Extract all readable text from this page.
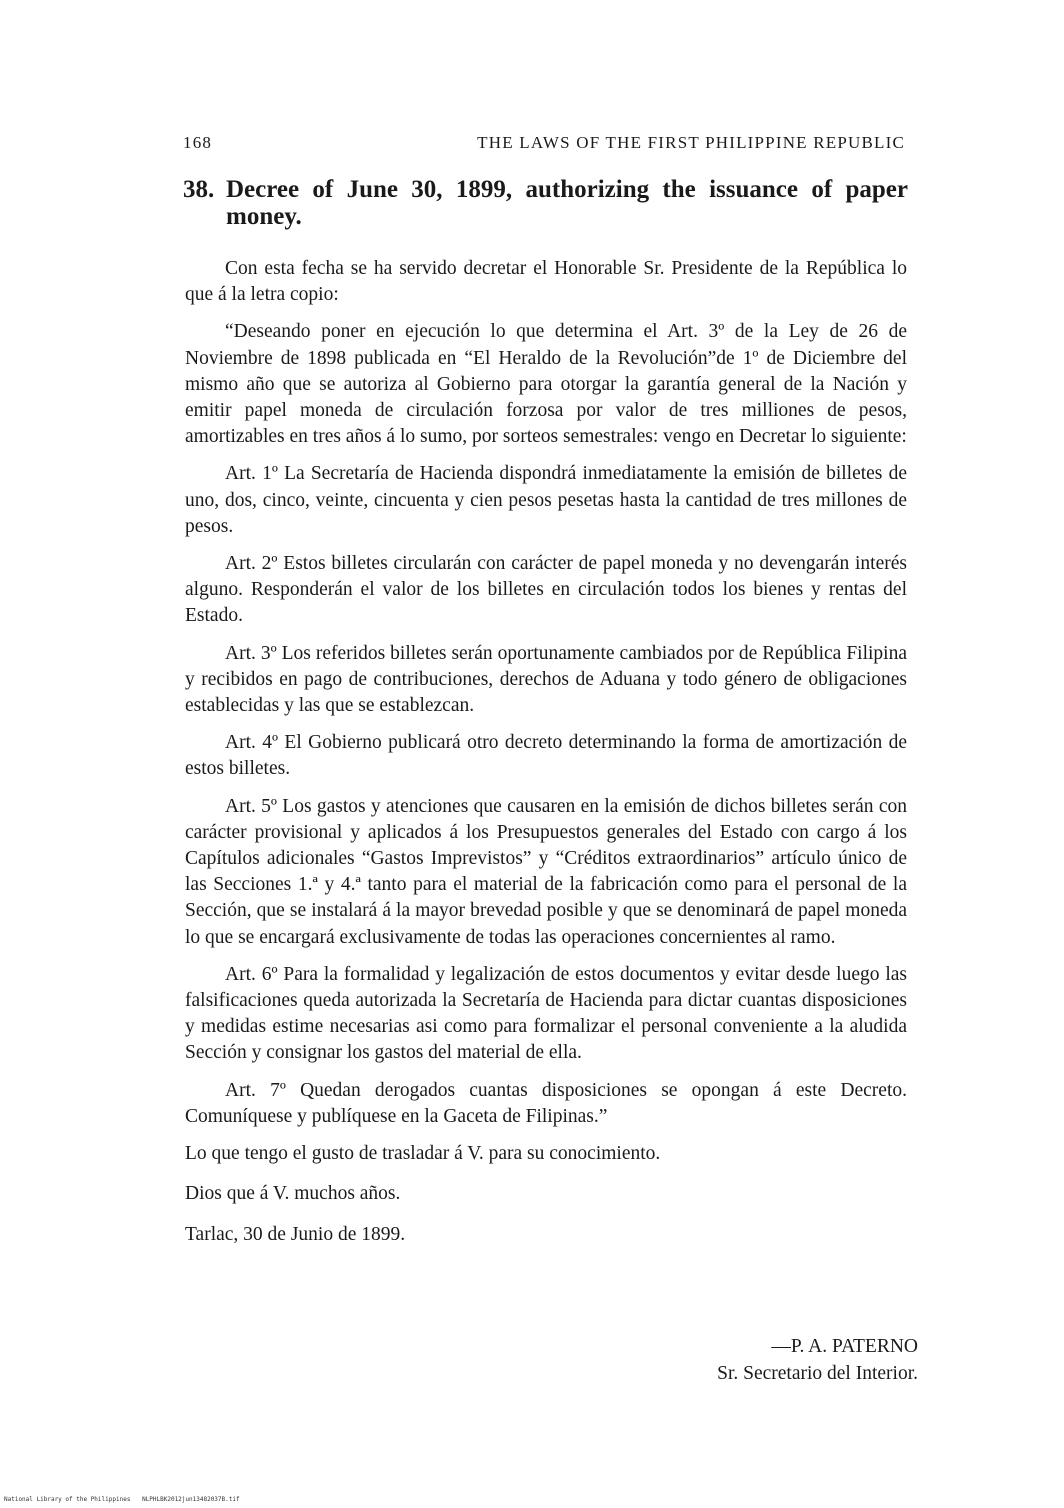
168	THE LAWS OF THE FIRST PHILIPPINE REPUBLIC
38. Decree of June 30, 1899, authorizing the issuance of paper money.

Con esta fecha se ha servido decretar el Honorable Sr. Presidente de la República lo que á la letra copio:

“Deseando poner en ejecución lo que determina el Art. 3º de la Ley de 26 de Noviembre de 1898 publicada en “El Heraldo de la Revolución”de 1º de Diciembre del mismo año que se autoriza al Gobierno para otorgar la garantía general de la Nación y emitir papel moneda de circulación forzosa por valor de tres milliones de pesos, amortizables en tres años á lo sumo, por sorteos semestrales: vengo en Decretar lo siguiente:

Art. 1º La Secretaría de Hacienda dispondrá inmediatamente la emisión de billetes de uno, dos, cinco, veinte, cincuenta y cien pesos pesetas hasta la cantidad de tres millones de pesos.

Art. 2º Estos billetes circularán con carácter de papel moneda y no devengarán interés alguno. Responderán el valor de los billetes en circulación todos los bienes y rentas del Estado.

Art. 3º Los referidos billetes serán oportunamente cambiados por de República Filipina y recibidos en pago de contribuciones, derechos de Aduana y todo género de obligaciones establecidas y las que se establezcan.

Art. 4º El Gobierno publicará otro decreto determinando la forma de amortización de estos billetes.

Art. 5º Los gastos y atenciones que causaren en la emisión de dichos billetes serán con carácter provisional y aplicados á los Presupuestos generales del Estado con cargo á los Capítulos adicionales “Gastos Imprevistos” y “Créditos extraordinarios” artículo único de las Secciones 1.ª y 4.ª tanto para el material de la fabricación como para el personal de la Sección, que se instalará á la mayor brevedad posible y que se denominará de papel moneda lo que se encargará exclusivamente de todas las operaciones concernientes al ramo.

Art. 6º Para la formalidad y legalización de estos documentos y evitar desde luego las falsificaciones queda autorizada la Secretaría de Hacienda para dictar cuantas disposiciones y medidas estime necesarias asi como para formalizar el personal conveniente a la aludida Sección y consignar los gastos del material de ella.

Art. 7º Quedan derogados cuantas disposiciones se opongan á este Decreto. Comuníquese y publíquese en la Gaceta de Filipinas.”

Lo que tengo el gusto de trasladar á V. para su conocimiento.

Dios que á V. muchos años.

Tarlac, 30 de Junio de 1899.

—P. A. PATERNO
Sr. Secretario del Interior.
National Library of the Philippines NLPHLBK2012jun13482037B.tif
